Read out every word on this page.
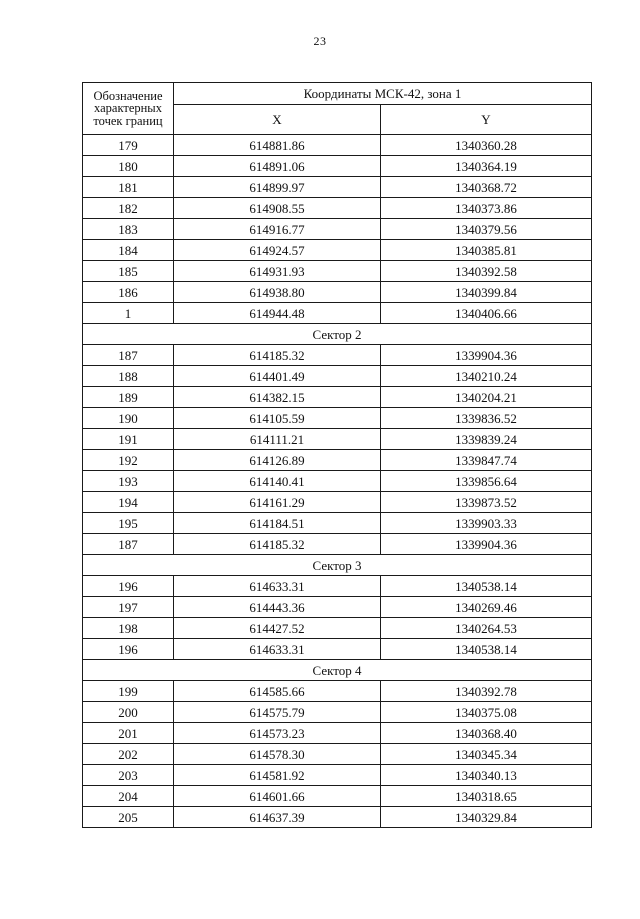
23
Обозначение характерных точек границ	Координаты МСК-42, зона 1	
	X	Y
179	614881.86	1340360.28
180	614891.06	1340364.19
181	614899.97	1340368.72
182	614908.55	1340373.86
183	614916.77	1340379.56
184	614924.57	1340385.81
185	614931.93	1340392.58
186	614938.80	1340399.84
1	614944.48	1340406.66
Сектор 2		
187	614185.32	1339904.36
188	614401.49	1340210.24
189	614382.15	1340204.21
190	614105.59	1339836.52
191	614111.21	1339839.24
192	614126.89	1339847.74
193	614140.41	1339856.64
194	614161.29	1339873.52
195	614184.51	1339903.33
187	614185.32	1339904.36
Сектор 3		
196	614633.31	1340538.14
197	614443.36	1340269.46
198	614427.52	1340264.53
196	614633.31	1340538.14
Сектор 4		
199	614585.66	1340392.78
200	614575.79	1340375.08
201	614573.23	1340368.40
202	614578.30	1340345.34
203	614581.92	1340340.13
204	614601.66	1340318.65
205	614637.39	1340329.84
